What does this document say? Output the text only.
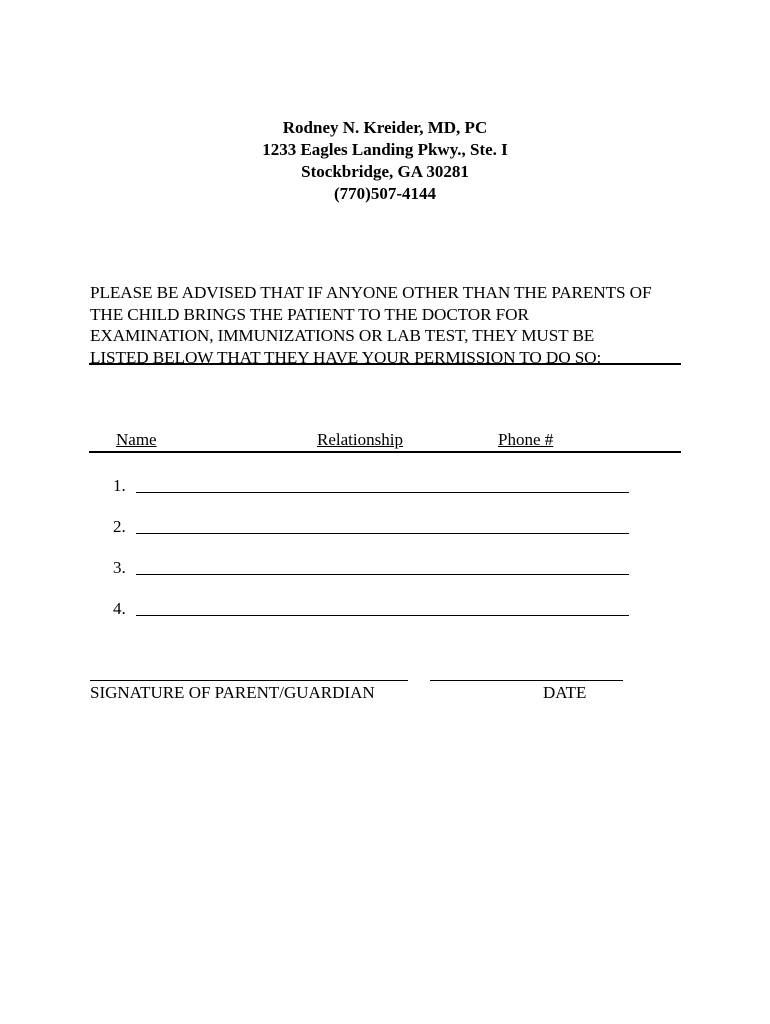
Rodney N. Kreider, MD, PC
1233 Eagles Landing Pkwy., Ste. I
Stockbridge, GA 30281
(770)507-4144
PLEASE BE ADVISED THAT IF ANYONE OTHER THAN THE PARENTS OF
THE CHILD BRINGS THE PATIENT TO THE DOCTOR FOR
EXAMINATION, IMMUNIZATIONS OR LAB TEST, THEY MUST BE
LISTED BELOW THAT THEY HAVE YOUR PERMISSION TO DO SO:
Name	Relationship	Phone #
1.
2.
3.
4.
SIGNATURE OF PARENT/GUARDIAN	DATE
